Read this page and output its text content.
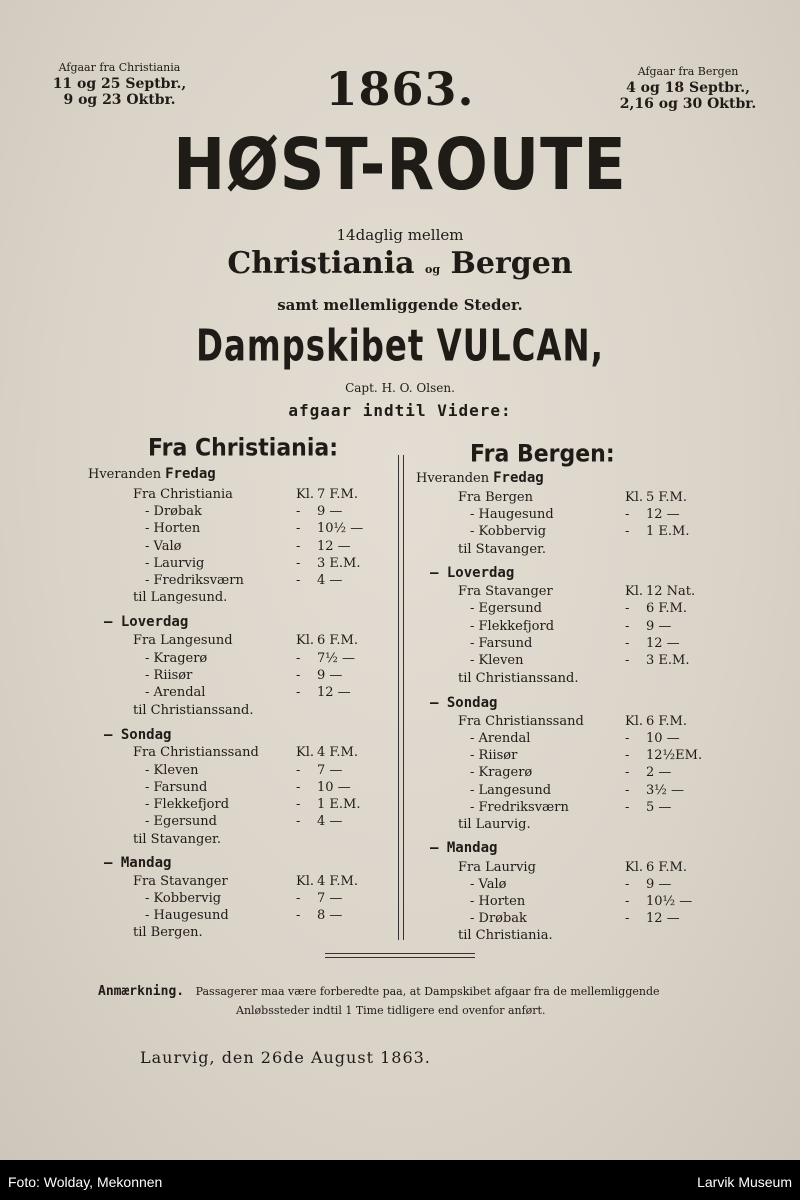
Afgaar fra Christiania
11 og 25 Septbr.,
9 og 23 Oktbr.	1863.	Afgaar fra Bergen
4 og 18 Septbr.,
2,16 og 30 Oktbr.
HØST-ROUTE
14daglig mellem
Christiania og Bergen
samt mellemliggende Steder.
Dampskibet VULCAN,
Capt. H. O. Olsen.
afgaar indtil Videre:
Fra Christiania:	Fra Bergen:
Hveranden Fredag
Fra Christiania	Kl. 7 F.M.
- Drøbak	- 9 —
- Horten	- 10½ —
- Valø	- 12 —
- Laurvig	- 3 E.M.
- Fredriksværn	- 4 —
til Langesund.
— Loverdag
Fra Langesund	Kl. 6 F.M.
- Kragerø	- 7½ —
- Riisør	- 9 —
- Arendal	- 12 —
til Christianssand.
— Sondag
Fra Christianssand	Kl. 4 F.M.
- Kleven	- 7 —
- Farsund	- 10 —
- Flekkefjord	- 1 E.M.
- Egersund	- 4 —
til Stavanger.
— Mandag
Fra Stavanger	Kl. 4 F.M.
- Kobbervig	- 7 —
- Haugesund	- 8 —
til Bergen.
Hveranden Fredag
Fra Bergen	Kl. 5 F.M.
- Haugesund	- 12 —
- Kobbervig	- 1 E.M.
til Stavanger.
— Loverdag
Fra Stavanger	Kl. 12 Nat.
- Egersund	- 6 F.M.
- Flekkefjord	- 9 —
- Farsund	- 12 —
- Kleven	- 3 E.M.
til Christianssand.
— Sondag
Fra Christianssand	Kl. 6 F.M.
- Arendal	- 10 —
- Riisør	- 12½EM.
- Kragerø	- 2 —
- Langesund	- 3½ —
- Fredriksværn	- 5 —
til Laurvig.
— Mandag
Fra Laurvig	Kl. 6 F.M.
- Valø	- 9 —
- Horten	- 10½ —
- Drøbak	- 12 —
til Christiania.
Anmærkning. Passagerer maa være forberedte paa, at Dampskibet afgaar fra de mellemliggende
Anløbssteder indtil 1 Time tidligere end ovenfor anført.
Laurvig, den 26de August 1863.
Foto: Wolday, Mekonnen	Larvik Museum
